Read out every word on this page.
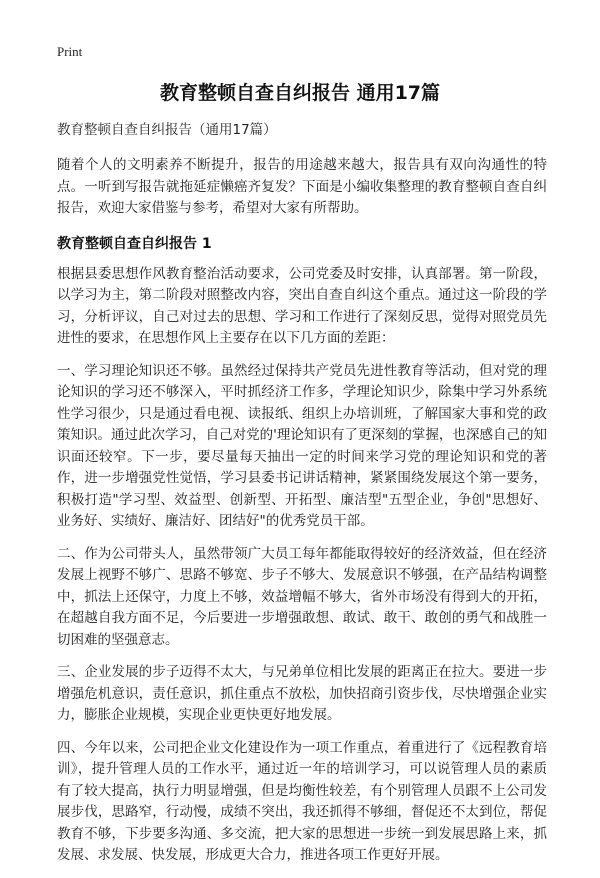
Print
教育整顿自查自纠报告 通用17篇
教育整顿自查自纠报告（通用17篇）

随着个人的文明素养不断提升，报告的用途越来越大，报告具有双向沟通性的特点。一听到写报告就拖延症懒癌齐复发？下面是小编收集整理的教育整顿自查自纠报告，欢迎大家借鉴与参考，希望对大家有所帮助。

教育整顿自查自纠报告 1

根据县委思想作风教育整治活动要求，公司党委及时安排，认真部署。第一阶段，以学习为主，第二阶段对照整改内容，突出自查自纠这个重点。通过这一阶段的学习，分析评议，自己对过去的思想、学习和工作进行了深刻反思，觉得对照党员先进性的要求，在思想作风上主要存在以下几方面的差距：

一、学习理论知识还不够。虽然经过保持共产党员先进性教育等活动，但对党的理论知识的学习还不够深入，平时抓经济工作多，学理论知识少，除集中学习外系统性学习很少，只是通过看电视、读报纸、组织上办培训班，了解国家大事和党的政策知识。通过此次学习，自己对党的'理论知识有了更深刻的掌握，也深感自己的知识面还较窄。下一步，要尽量每天抽出一定的时间来学习党的理论知识和党的著作，进一步增强党性觉悟，学习县委书记讲话精神，紧紧围绕发展这个第一要务，积极打造"学习型、效益型、创新型、开拓型、廉洁型"五型企业，争创"思想好、业务好、实绩好、廉洁好、团结好"的优秀党员干部。

二、作为公司带头人，虽然带领广大员工每年都能取得较好的经济效益，但在经济发展上视野不够广、思路不够宽、步子不够大、发展意识不够强，在产品结构调整中，抓法上还保守，力度上不够，效益增幅不够大，省外市场没有得到大的开拓，在超越自我方面不足，今后要进一步增强敢想、敢试、敢干、敢创的勇气和战胜一切困难的坚强意志。

三、企业发展的步子迈得不太大，与兄弟单位相比发展的距离正在拉大。要进一步增强危机意识，责任意识，抓住重点不放松，加快招商引资步伐，尽快增强企业实力，膨胀企业规模，实现企业更快更好地发展。

四、今年以来，公司把企业文化建设作为一项工作重点，着重进行了《远程教育培训》，提升管理人员的工作水平，通过近一年的培训学习，可以说管理人员的素质有了较大提高，执行力明显增强，但是均衡性较差，有个别管理人员跟不上公司发展步伐，思路窄，行动慢，成绩不突出，我还抓得不够细，督促还不太到位，帮促教育不够，下步要多沟通、多交流，把大家的思想进一步统一到发展思路上来，抓发展、求发展、快发展，形成更大合力，推进各项工作更好开展。
